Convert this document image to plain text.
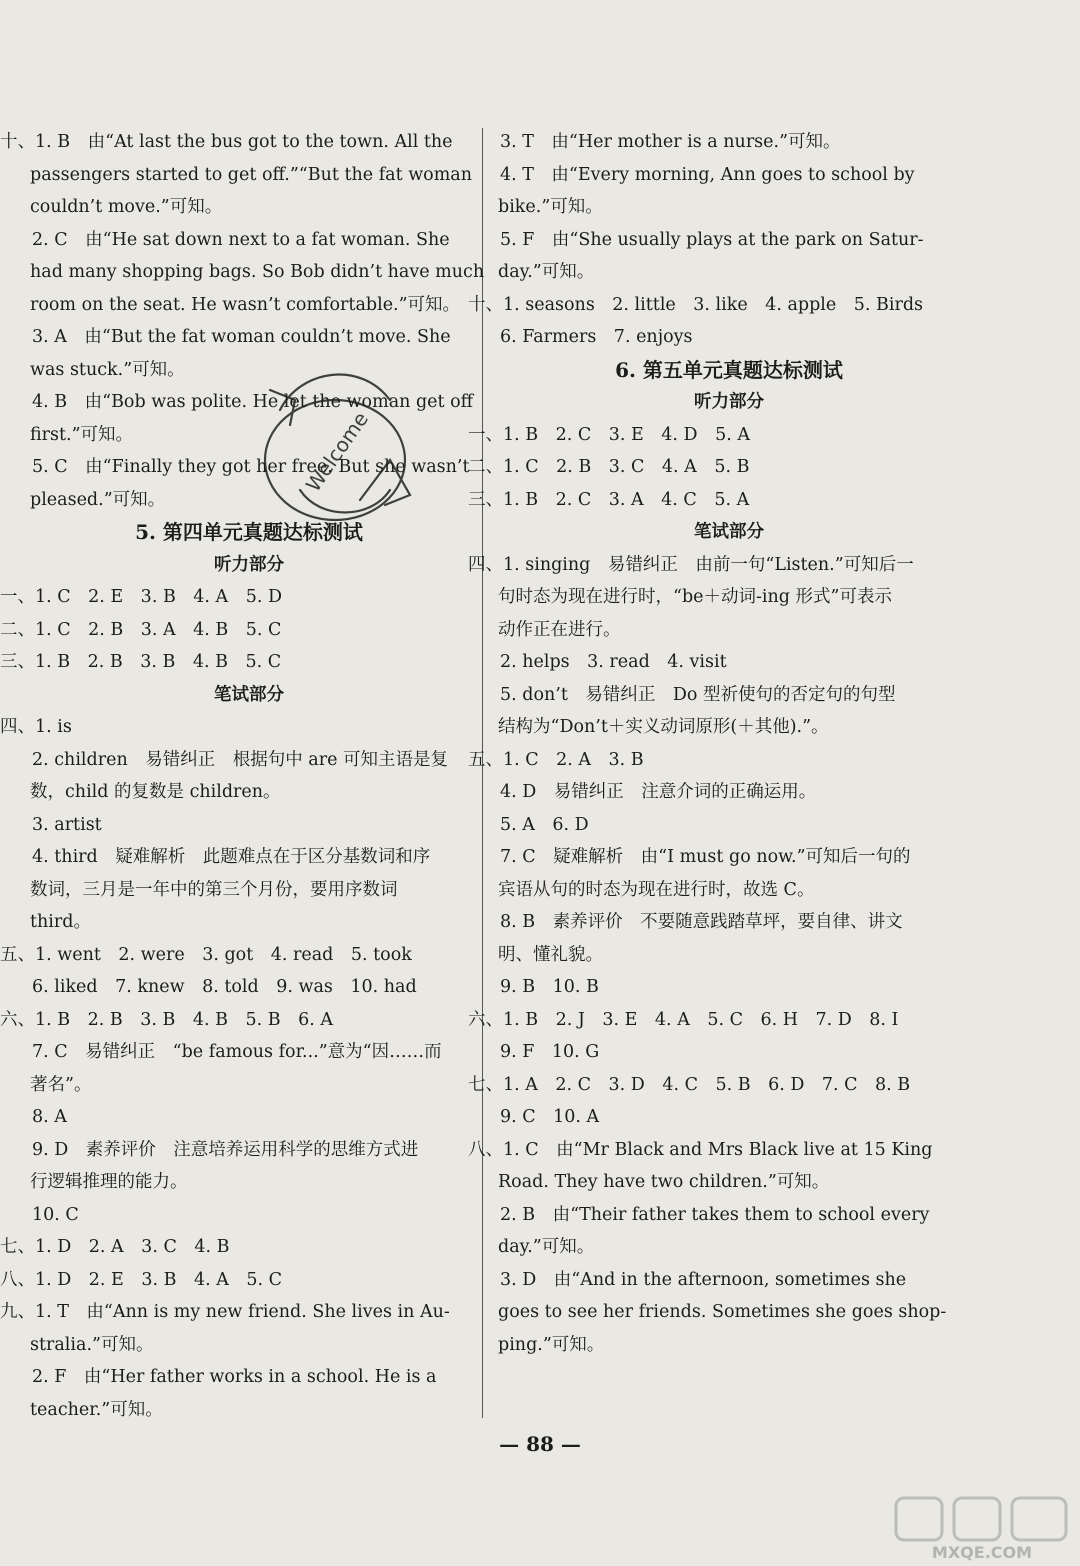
十、1. B　由“At last the bus got to the town. All the
passengers started to get off.”“But the fat woman
couldn’t move.”可知。
2. C　由“He sat down next to a fat woman. She
had many shopping bags. So Bob didn’t have much
room on the seat. He wasn’t comfortable.”可知。
3. A　由“But the fat woman couldn’t move. She
was stuck.”可知。
4. B　由“Bob was polite. He let the woman get off
first.”可知。
5. C　由“Finally they got her free. But she wasn’t
pleased.”可知。
5. 第四单元真题达标测试
听力部分
一、1. C　2. E　3. B　4. A　5. D
二、1. C　2. B　3. A　4. B　5. C
三、1. B　2. B　3. B　4. B　5. C
笔试部分
四、1. is
2. children　易错纠正　根据句中 are 可知主语是复
数，child 的复数是 children。
3. artist
4. third　疑难解析　此题难点在于区分基数词和序
数词，三月是一年中的第三个月份，要用序数词
third。
五、1. went　2. were　3. got　4. read　5. took
6. liked　7. knew　8. told　9. was　10. had
六、1. B　2. B　3. B　4. B　5. B　6. A
7. C　易错纠正　“be famous for...”意为“因……而
著名”。
8. A
9. D　素养评价　注意培养运用科学的思维方式进
行逻辑推理的能力。
10. C
七、1. D　2. A　3. C　4. B
八、1. D　2. E　3. B　4. A　5. C
九、1. T　由“Ann is my new friend. She lives in Au-
stralia.”可知。
2. F　由“Her father works in a school. He is a
teacher.”可知。
3. T　由“Her mother is a nurse.”可知。
4. T　由“Every morning, Ann goes to school by
bike.”可知。
5. F　由“She usually plays at the park on Satur-
day.”可知。
十、1. seasons　2. little　3. like　4. apple　5. Birds
6. Farmers　7. enjoys
6. 第五单元真题达标测试
听力部分
一、1. B　2. C　3. E　4. D　5. A
二、1. C　2. B　3. C　4. A　5. B
三、1. B　2. C　3. A　4. C　5. A
笔试部分
四、1. singing　易错纠正　由前一句“Listen.”可知后一
句时态为现在进行时，“be＋动词-ing 形式”可表示
动作正在进行。
2. helps　3. read　4. visit
5. don’t　易错纠正　Do 型祈使句的否定句的句型
结构为“Don’t＋实义动词原形(＋其他).”。
五、1. C　2. A　3. B
4. D　易错纠正　注意介词的正确运用。
5. A　6. D
7. C　疑难解析　由“I must go now.”可知后一句的
宾语从句的时态为现在进行时，故选 C。
8. B　素养评价　不要随意践踏草坪，要自律、讲文
明、懂礼貌。
9. B　10. B
六、1. B　2. J　3. E　4. A　5. C　6. H　7. D　8. I
9. F　10. G
七、1. A　2. C　3. D　4. C　5. B　6. D　7. C　8. B
9. C　10. A
八、1. C　由“Mr Black and Mrs Black live at 15 King
Road. They have two children.”可知。
2. B　由“Their father takes them to school every
day.”可知。
3. D　由“And in the afternoon, sometimes she
goes to see her friends. Sometimes she goes shop-
ping.”可知。
— 88 —
Welcome
MXQE.COM
